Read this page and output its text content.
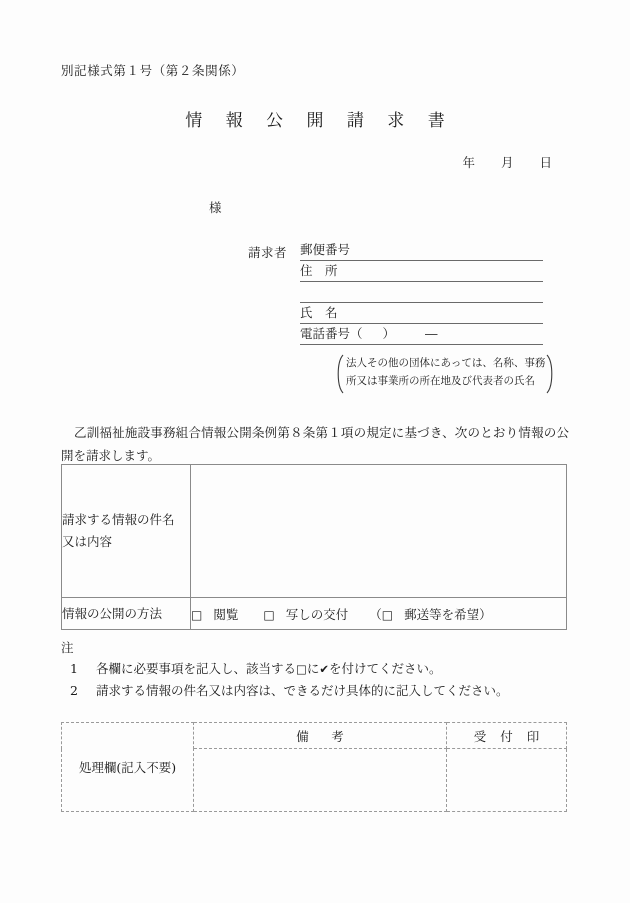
別記様式第１号（第２条関係）
情 報 公 開 請 求 書
年 月 日
様
請求者 郵便番号
住　所
氏　名
電話番号（ ） ―
法人その他の団体にあっては、名称、事務
所又は事業所の所在地及び代表者の氏名
乙訓福祉施設事務組合情報公開条例第８条第１項の規定に基づき、次のとおり情報の公開を請求します。
請求する情報の件名
又は内容	

情報の公開の方法	□ 閲覧 □ 写しの交付 （□ 郵送等を希望）
注
1	各欄に必要事項を記入し、該当する□に✔を付けてください。
2	請求する情報の件名又は内容は、できるだけ具体的に記入してください。
処理欄(記入不要)	備　考	受 付 印
